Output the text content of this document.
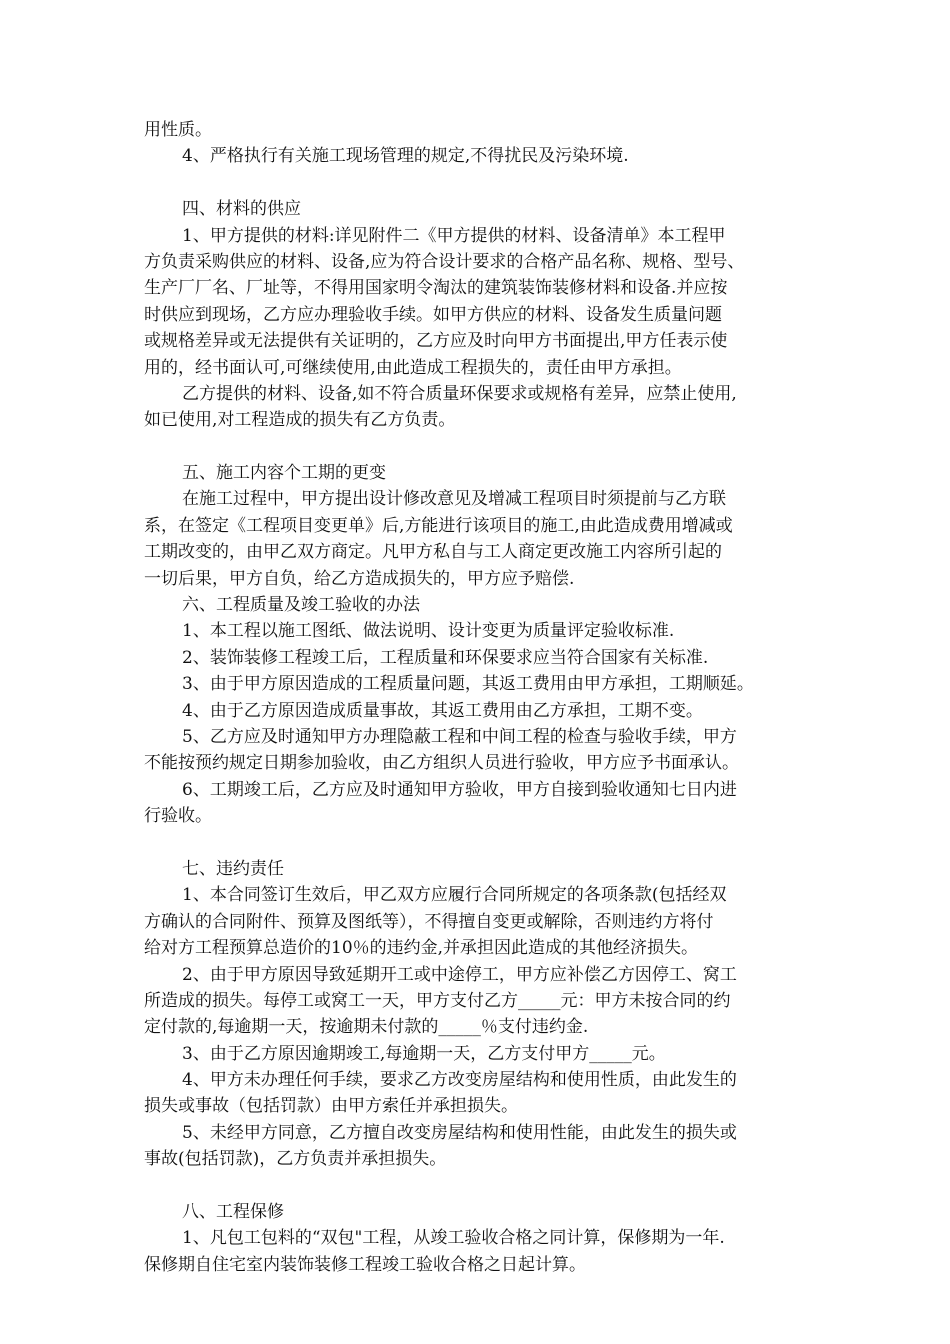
用性质。
4、严格执行有关施工现场管理的规定,不得扰民及污染环境.
四、材料的供应
1、甲方提供的材料:详见附件二《甲方提供的材料、设备清单》本工程甲
方负责采购供应的材料、设备,应为符合设计要求的合格产品名称、规格、型号、
生产厂厂名、厂址等，不得用国家明令淘汰的建筑装饰装修材料和设备.并应按
时供应到现场，乙方应办理验收手续。如甲方供应的材料、设备发生质量问题
或规格差异或无法提供有关证明的，乙方应及时向甲方书面提出,甲方任表示使
用的，经书面认可,可继续使用,由此造成工程损失的，责任由甲方承担。
乙方提供的材料、设备,如不符合质量环保要求或规格有差异，应禁止使用,
如已使用,对工程造成的损失有乙方负责。
五、施工内容个工期的更变
在施工过程中，甲方提出设计修改意见及增减工程项目时须提前与乙方联
系，在签定《工程项目变更单》后,方能进行该项目的施工,由此造成费用增减或
工期改变的，由甲乙双方商定。凡甲方私自与工人商定更改施工内容所引起的
一切后果，甲方自负，给乙方造成损失的，甲方应予赔偿.
六、工程质量及竣工验收的办法
1、本工程以施工图纸、做法说明、设计变更为质量评定验收标准.
2、装饰装修工程竣工后，工程质量和环保要求应当符合国家有关标准.
3、由于甲方原因造成的工程质量问题，其返工费用由甲方承担，工期顺延。
4、由于乙方原因造成质量事故，其返工费用由乙方承担，工期不变。
5、乙方应及时通知甲方办理隐蔽工程和中间工程的检查与验收手续，甲方
不能按预约规定日期参加验收，由乙方组织人员进行验收，甲方应予书面承认。
6、工期竣工后，乙方应及时通知甲方验收，甲方自接到验收通知七日内进
行验收。
七、违约责任
1、本合同签订生效后，甲乙双方应履行合同所规定的各项条款(包括经双
方确认的合同附件、预算及图纸等），不得擅自变更或解除，否则违约方将付
给对方工程预算总造价的10％的违约金,并承担因此造成的其他经济损失。
2、由于甲方原因导致延期开工或中途停工，甲方应补偿乙方因停工、窝工
所造成的损失。每停工或窝工一天，甲方支付乙方_____元：甲方未按合同的约
定付款的,每逾期一天，按逾期未付款的_____％支付违约金.
3、由于乙方原因逾期竣工,每逾期一天，乙方支付甲方_____元。
4、甲方未办理任何手续，要求乙方改变房屋结构和使用性质，由此发生的
损失或事故（包括罚款）由甲方索任并承担损失。
5、未经甲方同意，乙方擅自改变房屋结构和使用性能，由此发生的损失或
事故(包括罚款)，乙方负责并承担损失。
八、工程保修
1、凡包工包料的“双包"工程，从竣工验收合格之同计算，保修期为一年.
保修期自住宅室内装饰装修工程竣工验收合格之日起计算。
